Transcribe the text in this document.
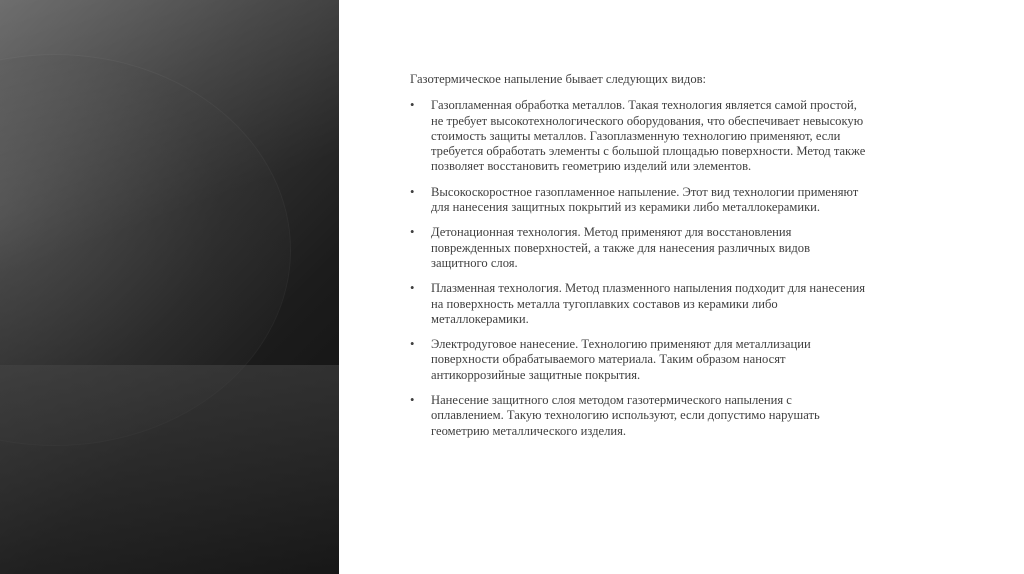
Газотермическое напыление бывает следующих видов:

• Газопламенная обработка металлов. Такая технология является самой простой,
не требует высокотехнологического оборудования, что обеспечивает невысокую
стоимость защиты металлов. Газоплазменную технологию применяют, если
требуется обработать элементы с большой площадью поверхности. Метод также
позволяет восстановить геометрию изделий или элементов.
• Высокоскоростное газопламенное напыление. Этот вид технологии применяют
для нанесения защитных покрытий из керамики либо металлокерамики.
• Детонационная технология. Метод применяют для восстановления
поврежденных поверхностей, а также для нанесения различных видов
защитного слоя.
• Плазменная технология. Метод плазменного напыления подходит для нанесения
на поверхность металла тугоплавких составов из керамики либо
металлокерамики.
• Электродуговое нанесение. Технологию применяют для металлизации
поверхности обрабатываемого материала. Таким образом наносят
антикоррозийные защитные покрытия.
• Нанесение защитного слоя методом газотермического напыления с
оплавлением. Такую технологию используют, если допустимо нарушать
геометрию металлического изделия.
